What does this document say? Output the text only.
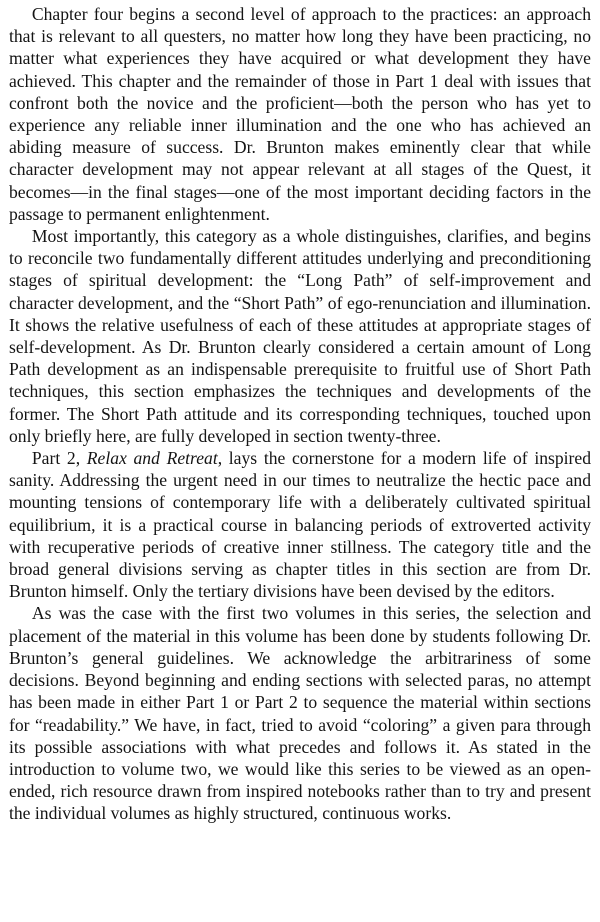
Chapter four begins a second level of approach to the practices: an approach that is relevant to all questers, no matter how long they have been practicing, no matter what experiences they have acquired or what development they have achieved. This chapter and the remainder of those in Part 1 deal with issues that confront both the novice and the proficient—both the person who has yet to experience any reliable inner illumination and the one who has achieved an abiding measure of success. Dr. Brunton makes eminently clear that while character development may not appear relevant at all stages of the Quest, it becomes—in the final stages—one of the most important deciding factors in the passage to permanent enlightenment.

Most importantly, this category as a whole distinguishes, clarifies, and begins to reconcile two fundamentally different attitudes underlying and preconditioning stages of spiritual development: the “Long Path” of self-improvement and character development, and the “Short Path” of ego-renunciation and illumination. It shows the relative usefulness of each of these attitudes at appropriate stages of self-development. As Dr. Brunton clearly considered a certain amount of Long Path development as an indispensable prerequisite to fruitful use of Short Path techniques, this section emphasizes the techniques and developments of the former. The Short Path attitude and its corresponding techniques, touched upon only briefly here, are fully developed in section twenty-three.

Part 2, Relax and Retreat, lays the cornerstone for a modern life of inspired sanity. Addressing the urgent need in our times to neutralize the hectic pace and mounting tensions of contemporary life with a deliberately cultivated spiritual equilibrium, it is a practical course in balancing periods of extroverted activity with recuperative periods of creative inner stillness. The category title and the broad general divisions serving as chapter titles in this section are from Dr. Brunton himself. Only the tertiary divisions have been devised by the editors.

As was the case with the first two volumes in this series, the selection and placement of the material in this volume has been done by students following Dr. Brunton’s general guidelines. We acknowledge the arbitrariness of some decisions. Beyond beginning and ending sections with selected paras, no attempt has been made in either Part 1 or Part 2 to sequence the material within sections for “readability.” We have, in fact, tried to avoid “coloring” a given para through its possible associations with what precedes and follows it. As stated in the introduction to volume two, we would like this series to be viewed as an open-ended, rich resource drawn from inspired notebooks rather than to try and present the individual volumes as highly structured, continuous works.
